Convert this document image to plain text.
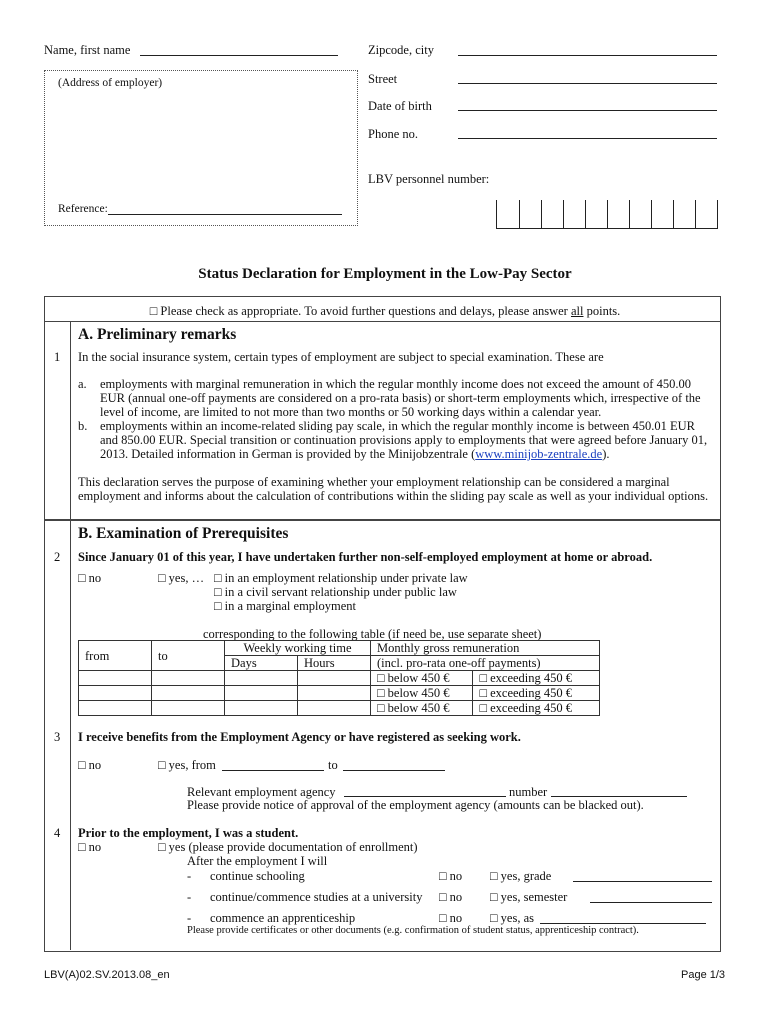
Name, first name	Zipcode, city
(Address of employer)
Reference:
Street
Date of birth
Phone no.
LBV personnel number:
Status Declaration for Employment in the Low-Pay Sector
□ Please check as appropriate. To avoid further questions and delays, please answer all points.
A. Preliminary remarks
1 In the social insurance system, certain types of employment are subject to special examination. These are
a. employments with marginal remuneration in which the regular monthly income does not exceed the amount of 450.00 EUR (annual one-off payments are considered on a pro-rata basis) or short-term employments which, irrespective of the level of income, are limited to not more than two months or 50 working days within a calendar year.
b. employments within an income-related sliding pay scale, in which the regular monthly income is between 450.01 EUR and 850.00 EUR. Special transition or continuation provisions apply to employments that were agreed before January 01, 2013. Detailed information in German is provided by the Minijobzentrale (www.minijob-zentrale.de).
This declaration serves the purpose of examining whether your employment relationship can be considered a marginal employment and informs about the calculation of contributions within the sliding pay scale as well as your individual options.
B. Examination of Prerequisites
2 Since January 01 of this year, I have undertaken further non-self-employed employment at home or abroad.
□ no	□ yes, … □ in an employment relationship under private law
□ in a civil servant relationship under public law
□ in a marginal employment
corresponding to the following table (if need be, use separate sheet)
from	to	Weekly working time		Monthly gross remuneration	
		Days	Hours	(incl. pro-rata one-off payments)	
				□ below 450 €	□ exceeding 450 €
				□ below 450 €	□ exceeding 450 €
				□ below 450 €	□ exceeding 450 €
3 I receive benefits from the Employment Agency or have registered as seeking work.
□ no	□ yes, from	to
Relevant employment agency	number
Please provide notice of approval of the employment agency (amounts can be blacked out).
4 Prior to the employment, I was a student.
□ no	□ yes (please provide documentation of enrollment)
After the employment I will
- continue schooling	□ no □ yes, grade
- continue/commence studies at a university □ no □ yes, semester
- commence an apprenticeship	□ no □ yes, as
Please provide certificates or other documents (e.g. confirmation of student status, apprenticeship contract).
LBV(A)02.SV.2013.08_en	Page 1/3
